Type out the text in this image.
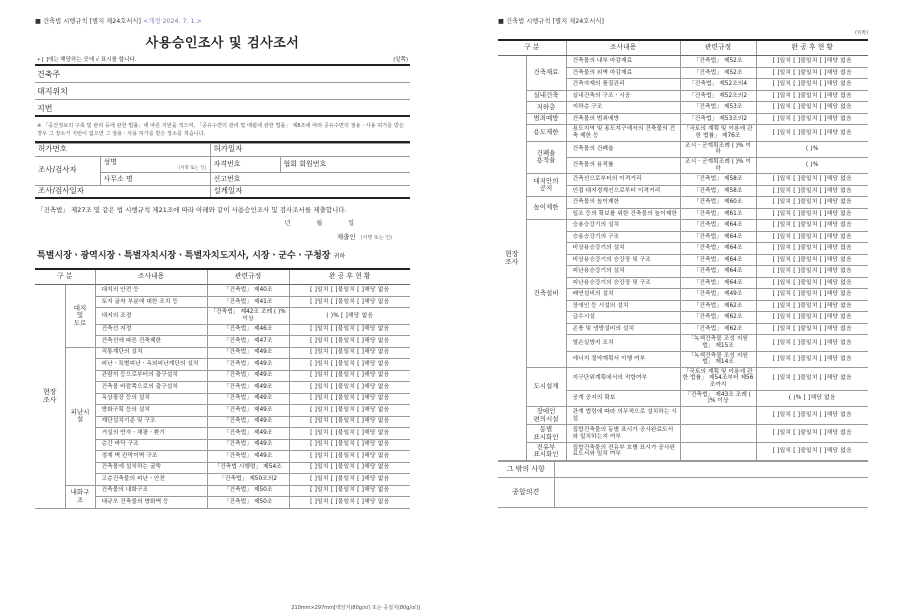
■ 건축법 시행규칙 [별지 제24호서식] <개정 2024. 7. 1.>
사용승인조사 및 검사조서
• [ ]에는 해당하는 곳에 √ 표시를 합니다.	(앞쪽)
건축주
대지위치
지번
※ 「공간정보의 구축 및 관리 등에 관한 법률」에 따른 지번을 적으며, 「공유수면의 관리 및 매립에 관한 법률」 제8조에 따라 공유수면의 점용ㆍ사용 허가를 받은 경우 그 장소가 지번이 없으면 그 점용ㆍ사용 허가를 받은 장소를 적습니다.
허가번호		허가일자	
조사/검사자	성명
(서명 또는 인)	자격번호	협회 회원번호
	사무소 명	신고번호	
조사/검사일자		설계일자	
「건축법」 제27조 및 같은 법 시행규칙 제21조에 따라 아래와 같이 사용승인조사 및 검사조서를 제출합니다.
년월일
제출인 (서명 또는 인)
특별시장ㆍ광역시장ㆍ특별자치시장ㆍ특별자치도지사, 시장ㆍ군수ㆍ구청장 귀하
구 분		조사내용	관련규정	완 공 후 현 황
현장
조사	대지
및
도로	대지의 안전 등	「건축법」 제40조	[ ]일치 [ ]불일치 [ ]해당 없음
		토지 굴착 부분에 대한 조치 등	「건축법」 제41조	[ ]일치 [ ]불일치 [ ]해당 없음
		대지의 조경	「건축법」 제42조 조례 ( )% 이상	( )% [ ]해당 없음
		건축선 지정	「건축법」 제46조	[ ]일치 [ ]불일치 [ ]해당 없음
		건축선에 따른 건축제한	「건축법」 제47조	[ ]일치 [ ]불일치 [ ]해당 없음
	피난시설	직통계단의 설치	「건축법」 제49조	[ ]일치 [ ]불일치 [ ]해당 없음
		피난ㆍ특별피난ㆍ옥외피난계단의 설치	「건축법」 제49조	[ ]일치 [ ]불일치 [ ]해당 없음
		관람석 등으로부터의 출구설치	「건축법」 제49조	[ ]일치 [ ]불일치 [ ]해당 없음
		건축물 바깥쪽으로의 출구설치	「건축법」 제49조	[ ]일치 [ ]불일치 [ ]해당 없음
		옥상광장 등의 설치	「건축법」 제49조	[ ]일치 [ ]불일치 [ ]해당 없음
		방화구획 등의 설치	「건축법」 제49조	[ ]일치 [ ]불일치 [ ]해당 없음
		계단설치기준 및 구조	「건축법」 제49조	[ ]일치 [ ]불일치 [ ]해당 없음
		거실의 반자ㆍ채광ㆍ환기	「건축법」 제49조	[ ]일치 [ ]불일치 [ ]해당 없음
		층간 바닥 구조	「건축법」 제49조	[ ]일치 [ ]불일치 [ ]해당 없음
		경계 벽 칸막이벽 구조	「건축법」 제49조	[ ]일치 [ ]불일치 [ ]해당 없음
		건축물에 설치하는 굴뚝	「건축법 시행령」 제54조	[ ]일치 [ ]불일치 [ ]해당 없음
		고층건축물의 피난ㆍ안전	「건축법」 제50조의2	[ ]일치 [ ]불일치 [ ]해당 없음
	내화구조	건축물의 내화구조	「건축법」 제50조	[ ]일치 [ ]불일치 [ ]해당 없음
		대규모 건축물의 방화벽 등	「건축법」 제50조	[ ]일치 [ ]불일치 [ ]해당 없음
210mm×297mm[백상지(80g/㎡) 또는 중질지(80g/㎡)]
■ 건축법 시행규칙 [별지 제24호서식]
(뒤쪽)
구 분		조사내용	관련규정	완 공 후 현 황
현장
조사	건축재료	건축물의 내부 마감재료	「건축법」 제52조	[ ]일치 [ ]불일치 [ ]해당 없음
		건축물의 외벽 마감재료	「건축법」 제52조	[ ]일치 [ ]불일치 [ ]해당 없음
		건축자재의 품질관리	「건축법」 제52조의4	[ ]일치 [ ]불일치 [ ]해당 없음
	실내건축	실내건축의 구조ㆍ시공	「건축법」 제52조의2	[ ]일치 [ ]불일치 [ ]해당 없음
	지하층	지하층 구조	「건축법」 제53조	[ ]일치 [ ]불일치 [ ]해당 없음
	범죄예방	건축물의 범죄예방	「건축법」 제53조의2	[ ]일치 [ ]불일치 [ ]해당 없음
	용도제한	용도지역 및 용도지구에서의 건축물의 건축 제한 등	「국토의 계획 및 이용에 관한 법률」 제76조	[ ]일치 [ ]불일치 [ ]해당 없음
	건폐율
용적율	건축물의 건폐율	조시ㆍ군계획조례 ( )% 이하	( )%
		건축물의 용적률	조시ㆍ군계획조례 ( )% 이하	( )%
	대지안의
공지	건축선으로부터의 이격거리	「건축법」 제58조	[ ]일치 [ ]불일치 [ ]해당 없음
		인접 대지경계선으로부터 이격거리	「건축법」 제58조	[ ]일치 [ ]불일치 [ ]해당 없음
	높이제한	건축물의 높이제한	「건축법」 제60조	[ ]일치 [ ]불일치 [ ]해당 없음
		일조 등의 확보를 위한 건축물의 높이제한	「건축법」 제61조	[ ]일치 [ ]불일치 [ ]해당 없음
	건축설비	승용승강기의 설치	「건축법」 제64조	[ ]일치 [ ]불일치 [ ]해당 없음
		승용승강기의 구조	「건축법」 제64조	[ ]일치 [ ]불일치 [ ]해당 없음
		비상용승강기의 설치	「건축법」 제64조	[ ]일치 [ ]불일치 [ ]해당 없음
		비상용승강기의 승강장 및 구조	「건축법」 제64조	[ ]일치 [ ]불일치 [ ]해당 없음
		피난용승강기의 설치	「건축법」 제64조	[ ]일치 [ ]불일치 [ ]해당 없음
		피난용승강기의 승강장 및 구조	「건축법」 제64조	[ ]일치 [ ]불일치 [ ]해당 없음
		배연설비의 설치	「건축법」 제49조	[ ]일치 [ ]불일치 [ ]해당 없음
		장애인 등 시설의 설치	「건축법」 제62조	[ ]일치 [ ]불일치 [ ]해당 없음
		급수시설	「건축법」 제62조	[ ]일치 [ ]불일치 [ ]해당 없음
		온풍 및 냉방설비의 설치	「건축법」 제62조	[ ]일치 [ ]불일치 [ ]해당 없음
		열손실방지 조치	「녹색건축물 조성 지원법」 제15조	[ ]일치 [ ]불일치 [ ]해당 없음
		에너지 절약계획서 이행 여부	「녹색건축물 조성 지원법」 제14조	[ ]일치 [ ]불일치 [ ]해당 없음
	도시설계	지구단위계획에서의 적합여부	「국토의 계획 및 이용에 관한 법률」 제54조부터 제56조까지	[ ]일치 [ ]불일치 [ ]해당 없음
		공개 공지의 확보	「건축법」 제43조 조례 ( )% 이상	( )% [ ]해당 없음
	장애인
편의시설	관계 법령에 따라 의무적으로 설치하는 시설		[ ]일치 [ ]불일치 [ ]해당 없음
	동별
표시화인	집합건축물의 동별 표시가 공사완료도서와 일치하는지 여부		[ ]일치 [ ]불일치 [ ]해당 없음
	전유부
표시화인	집합건축물의 전유부 호별 표시가 공사완료도서와 일치 여부		[ ]일치 [ ]불일치 [ ]해당 없음
그 밖의 사항	
종합의견	
